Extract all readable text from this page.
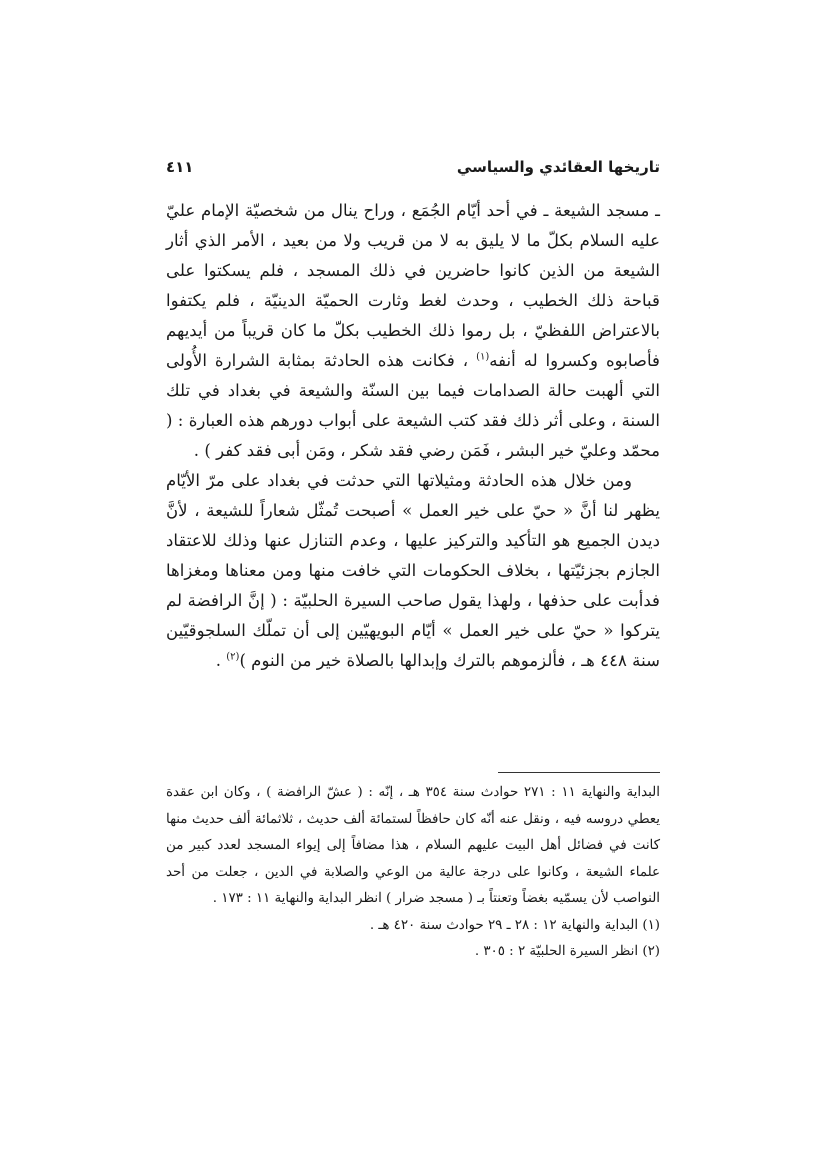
تاريخها العقائدي والسياسي
٤١١

ـ مسجد الشيعة ـ في أحد أيّام الجُمَع ، وراح ينال من شخصيّة الإمام عليّ عليه السلام بكلّ ما لا يليق به لا من قريب ولا من بعيد ، الأمر الذي أثار الشيعة من الذين كانوا حاضرين في ذلك المسجد ، فلم يسكتوا على قباحة ذلك الخطيب ، وحدث لغط وثارت الحميّة الدينيّة ، فلم يكتفوا بالاعتراض اللفظيّ ، بل رموا ذلك الخطيب بكلّ ما كان قريباً من أيديهم فأصابوه وكسروا له أنفه$^{(١)}$ ، فكانت هذه الحادثة بمثابة الشرارة الأُولى التي ألهبت حالة الصدامات فيما بين السنّة والشيعة في بغداد في تلك السنة ، وعلى أثر ذلك فقد كتب الشيعة على أبواب دورهم هذه العبارة : ( محمّد وعليّ خير البشر ، فَمَن رضي فقد شكر ، ومَن أبى فقد كفر ) .

ومن خلال هذه الحادثة ومثيلاتها التي حدثت في بغداد على مرّ الأيّام يظهر لنا أنَّ « حيّ على خير العمل » أصبحت تُمثّل شعاراً للشيعة ، لأنَّ ديدن الجميع هو التأكيد والتركيز عليها ، وعدم التنازل عنها وذلك للاعتقاد الجازم بجزئيّتها ، بخلاف الحكومات التي خافت منها ومن معناها ومغزاها فدأبت على حذفها ، ولهذا يقول صاحب السيرة الحلبيّة : ( إنَّ الرافضة لم يتركوا « حيّ على خير العمل » أيّام البويهيّين إلى أن تملّك السلجوقيّين سنة ٤٤٨ هـ ، فألزموهم بالترك وإبدالها بالصلاة خير من النوم )$^{(٢)}$ .

البداية والنهاية ١١ : ٢٧١ حوادث سنة ٣٥٤ هـ ، إنّه : ( عشّ الرافضة ) ، وكان ابن عقدة يعطي دروسه فيه ، ونقل عنه أنّه كان حافظاً لستمائة ألف حديث ، ثلاثمائة ألف حديث منها كانت في فضائل أهل البيت عليهم السلام ، هذا مضافاً إلى إيواء المسجد لعدد كبير من علماء الشيعة ، وكانوا على درجة عالية من الوعي والصلابة في الدين ، جعلت من أحد النواصب لأن يسمّيه بغضاً وتعنتاً بـ ( مسجد ضرار ) انظر البداية والنهاية ١١ : ١٧٣ .

(١) البداية والنهاية ١٢ : ٢٨ ـ ٢٩ حوادث سنة ٤٢٠ هـ .

(٢) انظر السيرة الحلبيّة ٢ : ٣٠٥ .
